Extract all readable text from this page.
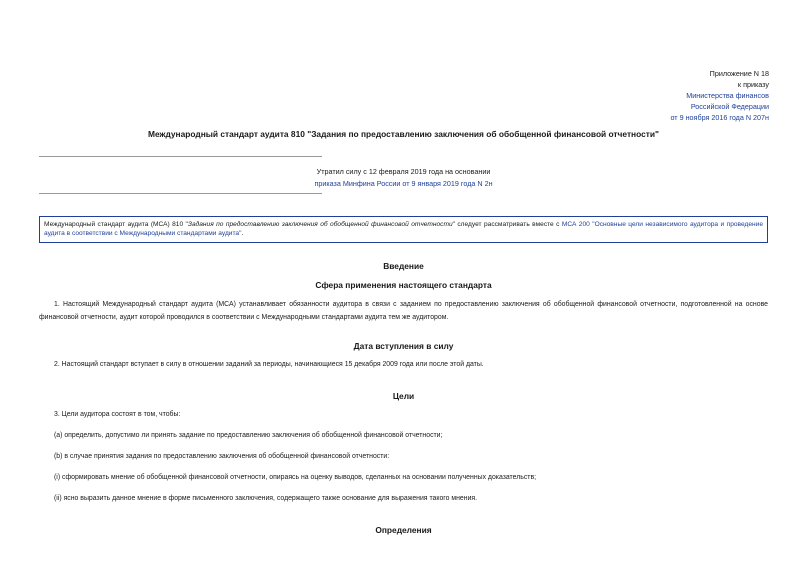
Приложение N 18
к приказу
Министерства финансов
Российской Федерации
от 9 ноября 2016 года N 207н
Международный стандарт аудита 810 "Задания по предоставлению заключения об обобщенной финансовой отчетности"
Утратил силу с 12 февраля 2019 года на основании
приказа Минфина России от 9 января 2019 года N 2н
Международный стандарт аудита (МСА) 810 "Задания по предоставлению заключения об обобщенной финансовой отчетности" следует рассматривать вместе с МСА 200 "Основные цели независимого аудитора и проведение аудита в соответствии с Международными стандартами аудита".
Введение
Сфера применения настоящего стандарта
1. Настоящий Международный стандарт аудита (МСА) устанавливает обязанности аудитора в связи с заданием по предоставлению заключения об обобщенной финансовой отчетности, подготовленной на основе финансовой отчетности, аудит которой проводился в соответствии с Международными стандартами аудита тем же аудитором.
Дата вступления в силу
2. Настоящий стандарт вступает в силу в отношении заданий за периоды, начинающиеся 15 декабря 2009 года или после этой даты.
Цели
3. Цели аудитора состоят в том, чтобы:
(a) определить, допустимо ли принять задание по предоставлению заключения об обобщенной финансовой отчетности;
(b) в случае принятия задания по предоставлению заключения об обобщенной финансовой отчетности:
(i) сформировать мнение об обобщенной финансовой отчетности, опираясь на оценку выводов, сделанных на основании полученных доказательств;
(ii) ясно выразить данное мнение в форме письменного заключения, содержащего также основание для выражения такого мнения.
Определения
